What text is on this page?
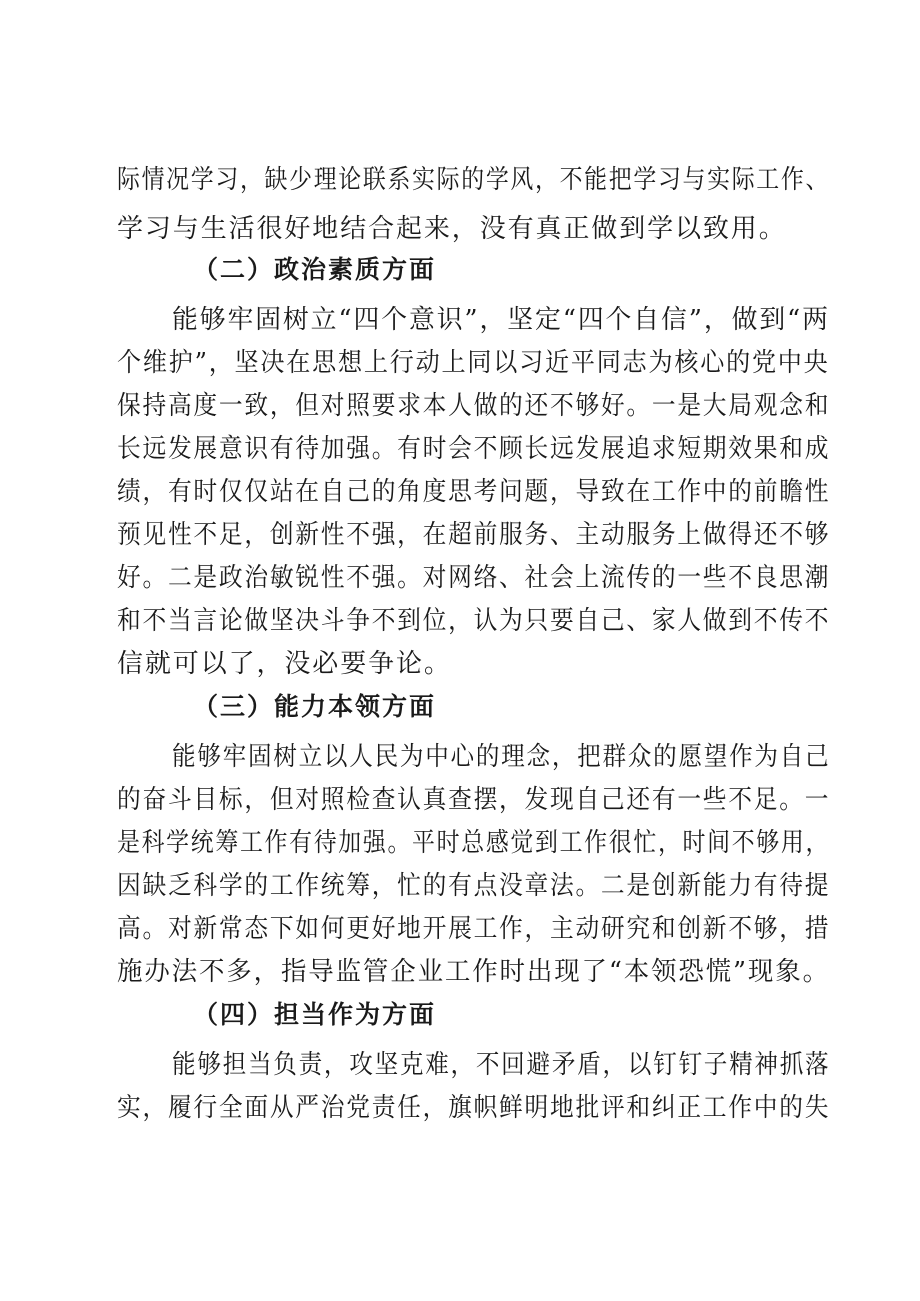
际情况学习，缺少理论联系实际的学风，不能把学习与实际工作、
学习与生活很好地结合起来，没有真正做到学以致用。
（二）政治素质方面
能够牢固树立“四个意识”，坚定“四个自信”，做到“两
个维护”，坚决在思想上行动上同以习近平同志为核心的党中央
保持高度一致，但对照要求本人做的还不够好。一是大局观念和
长远发展意识有待加强。有时会不顾长远发展追求短期效果和成
绩，有时仅仅站在自己的角度思考问题，导致在工作中的前瞻性
预见性不足，创新性不强，在超前服务、主动服务上做得还不够
好。二是政治敏锐性不强。对网络、社会上流传的一些不良思潮
和不当言论做坚决斗争不到位，认为只要自己、家人做到不传不
信就可以了，没必要争论。
（三）能力本领方面
能够牢固树立以人民为中心的理念，把群众的愿望作为自己
的奋斗目标，但对照检查认真查摆，发现自己还有一些不足。一
是科学统筹工作有待加强。平时总感觉到工作很忙，时间不够用，
因缺乏科学的工作统筹，忙的有点没章法。二是创新能力有待提
高。对新常态下如何更好地开展工作，主动研究和创新不够，措
施办法不多，指导监管企业工作时出现了“本领恐慌”现象。
（四）担当作为方面
能够担当负责，攻坚克难，不回避矛盾，以钉钉子精神抓落
实，履行全面从严治党责任，旗帜鲜明地批评和纠正工作中的失
